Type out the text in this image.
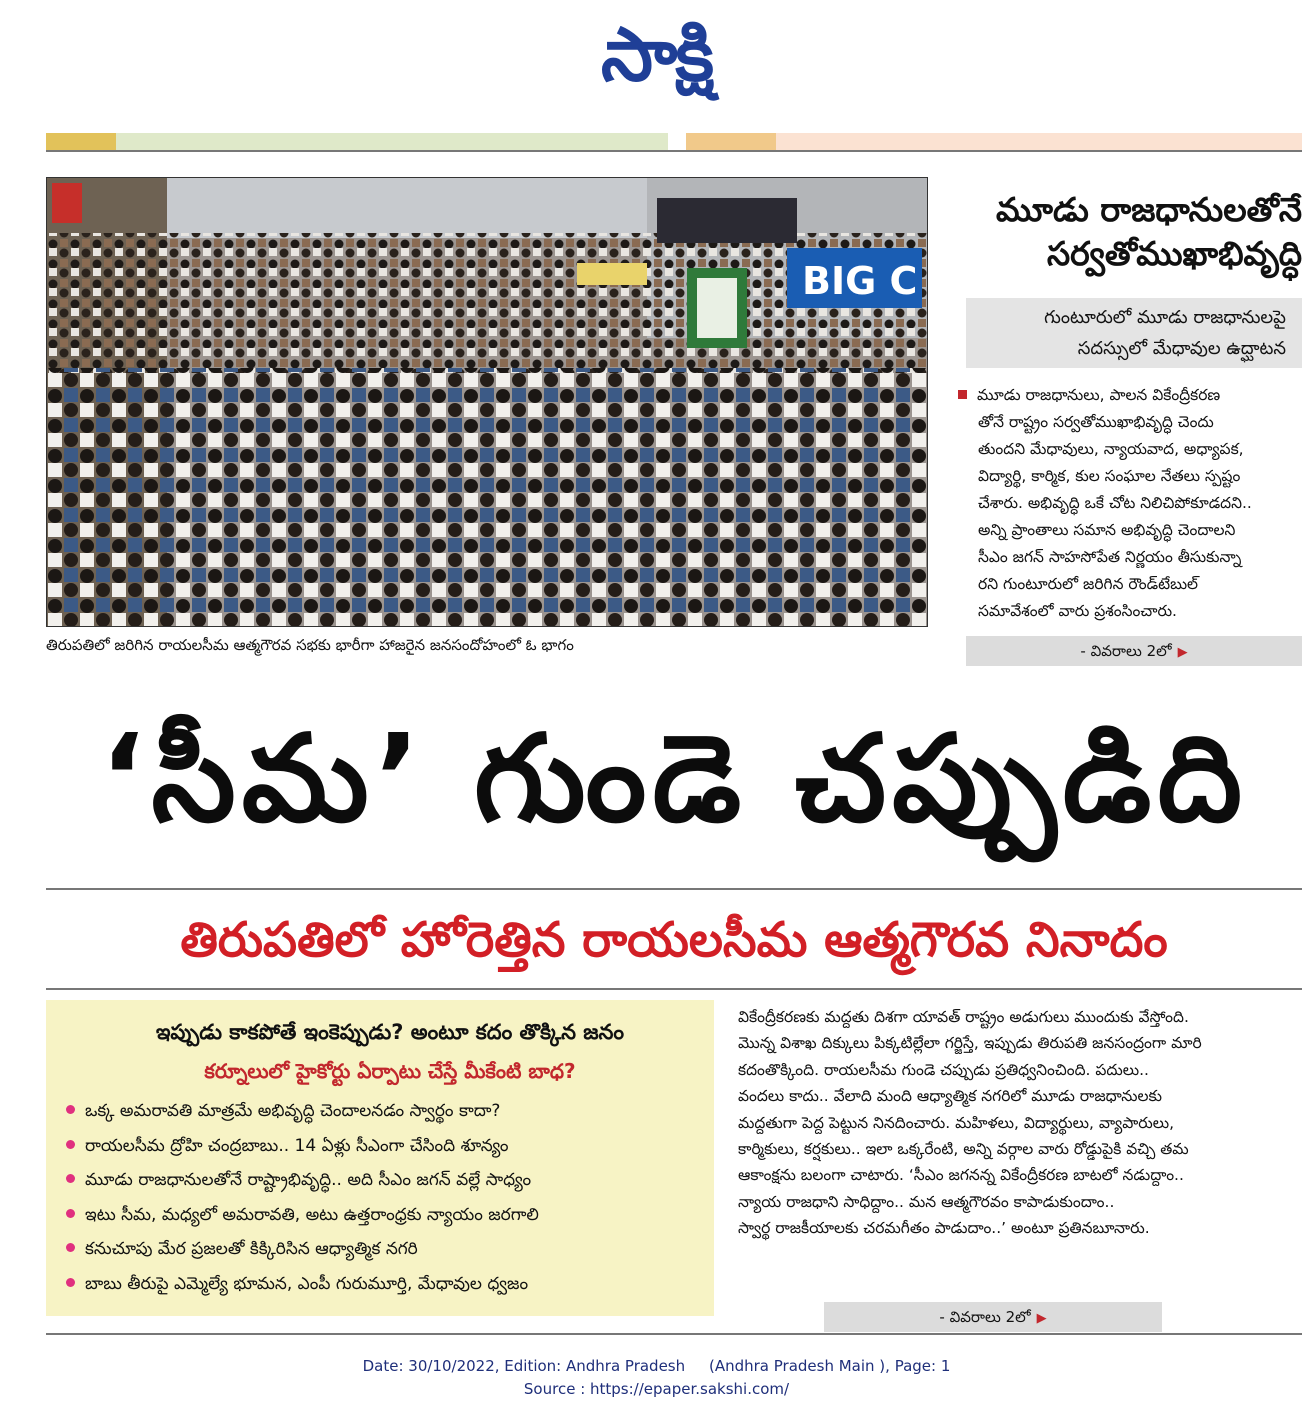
సాక్షి
BIG C
తిరుపతిలో జరిగిన రాయలసీమ ఆత్మగౌరవ సభకు భారీగా హాజరైన జనసందోహంలో ఓ భాగం
మూడు రాజధానులతోనే
సర్వతోముఖాభివృద్ధి
గుంటూరులో మూడు రాజధానులపై
సదస్సులో మేధావుల ఉద్ఘాటన
మూడు రాజధానులు, పాలన వికేంద్రీకరణ
తోనే రాష్ట్రం సర్వతోముఖాభివృద్ధి చెందు
తుందని మేధావులు, న్యాయవాద, అధ్యాపక,
విద్యార్థి, కార్మిక, కుల సంఘాల నేతలు స్పష్టం
చేశారు. అభివృద్ధి ఒకే చోట నిలిచిపోకూడదని..
అన్ని ప్రాంతాలు సమాన అభివృద్ధి చెందాలని
సీఎం జగన్‌ సాహసోపేత నిర్ణయం తీసుకున్నా
రని గుంటూరులో జరిగిన రౌండ్‌టేబుల్‌
సమావేశంలో వారు ప్రశంసించారు.
- వివరాలు 2లో ▶
‘సీమ’ గుండె చప్పుడిది
తిరుపతిలో హోరెత్తిన రాయలసీమ ఆత్మగౌరవ నినాదం
ఇప్పుడు కాకపోతే ఇంకెప్పుడు? అంటూ కదం తొక్కిన జనం
కర్నూలులో హైకోర్టు ఏర్పాటు చేస్తే మీకేంటి బాధ?
ఒక్క అమరావతి మాత్రమే అభివృద్ధి చెందాలనడం స్వార్థం కాదా?
రాయలసీమ ద్రోహి చంద్రబాబు.. 14 ఏళ్లు సీఎంగా చేసింది శూన్యం
మూడు రాజధానులతోనే రాష్ట్రాభివృద్ధి.. అది సీఎం జగన్‌ వల్లే సాధ్యం
ఇటు సీమ, మధ్యలో అమరావతి, అటు ఉత్తరాంధ్రకు న్యాయం జరగాలి
కనుచూపు మేర ప్రజలతో కిక్కిరిసిన ఆధ్యాత్మిక నగరి
బాబు తీరుపై ఎమ్మెల్యే భూమన, ఎంపీ గురుమూర్తి, మేధావుల ధ్వజం
వికేంద్రీకరణకు మద్దతు దిశగా యావత్‌ రాష్ట్రం అడుగులు ముందుకు వేస్తోంది.
మొన్న విశాఖ దిక్కులు పిక్కటిల్లేలా గర్జిస్తే, ఇప్పుడు తిరుపతి జనసంద్రంగా మారి
కదంతొక్కింది. రాయలసీమ గుండె చప్పుడు ప్రతిధ్వనించింది. పదులు..
వందలు కాదు.. వేలాది మంది ఆధ్యాత్మిక నగరిలో మూడు రాజధానులకు
మద్దతుగా పెద్ద పెట్టున నినదించారు. మహిళలు, విద్యార్థులు, వ్యాపారులు,
కార్మికులు, కర్షకులు.. ఇలా ఒక్కరేంటి, అన్ని వర్గాల వారు రోడ్డుపైకి వచ్చి తమ
ఆకాంక్షను బలంగా చాటారు. ‘సీఎం జగనన్న వికేంద్రీకరణ బాటలో నడుద్దాం..
న్యాయ రాజధాని సాధిద్దాం.. మన ఆత్మగౌరవం కాపాడుకుందాం..
స్వార్థ రాజకీయాలకు చరమగీతం పాడుదాం..’ అంటూ ప్రతినబూనారు.
- వివరాలు 2లో ▶
Date: 30/10/2022, Edition: Andhra Pradesh     (Andhra Pradesh Main ), Page: 1
Source : https://epaper.sakshi.com/
